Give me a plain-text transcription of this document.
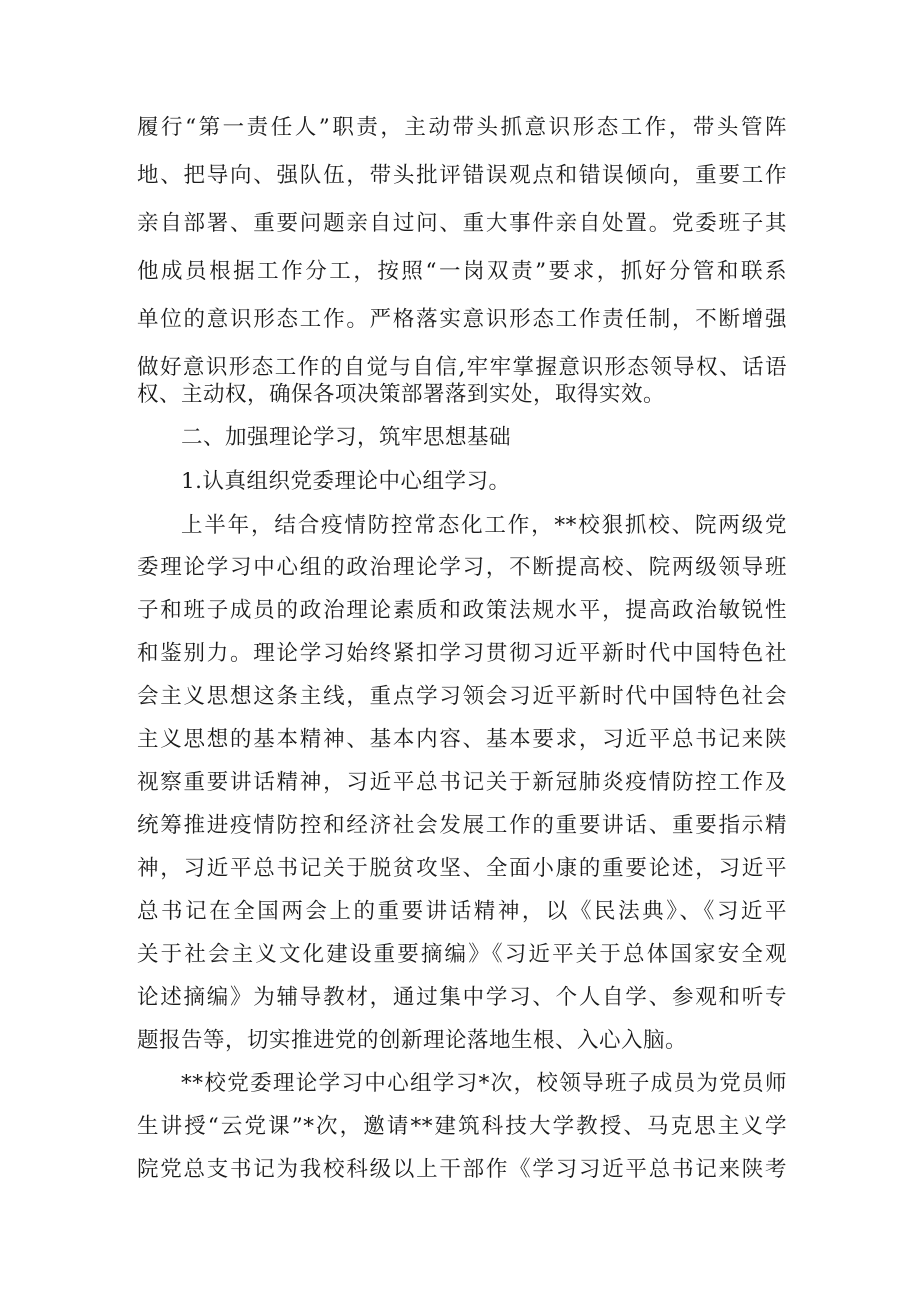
履行“第一责任人”职责，主动带头抓意识形态工作，带头管阵
地、把导向、强队伍，带头批评错误观点和错误倾向，重要工作
亲自部署、重要问题亲自过问、重大事件亲自处置。党委班子其
他成员根据工作分工，按照“一岗双责”要求，抓好分管和联系
单位的意识形态工作。严格落实意识形态工作责任制，不断增强
做好意识形态工作的自觉与自信,牢牢掌握意识形态领导权、话语
权、主动权，确保各项决策部署落到实处，取得实效。
二、加强理论学习，筑牢思想基础
1.认真组织党委理论中心组学习。
上半年，结合疫情防控常态化工作，**校狠抓校、院两级党
委理论学习中心组的政治理论学习，不断提高校、院两级领导班
子和班子成员的政治理论素质和政策法规水平，提高政治敏锐性
和鉴别力。理论学习始终紧扣学习贯彻习近平新时代中国特色社
会主义思想这条主线，重点学习领会习近平新时代中国特色社会
主义思想的基本精神、基本内容、基本要求，习近平总书记来陕
视察重要讲话精神，习近平总书记关于新冠肺炎疫情防控工作及
统筹推进疫情防控和经济社会发展工作的重要讲话、重要指示精
神，习近平总书记关于脱贫攻坚、全面小康的重要论述，习近平
总书记在全国两会上的重要讲话精神，以《民法典》、《习近平
关于社会主义文化建设重要摘编》《习近平关于总体国家安全观
论述摘编》为辅导教材，通过集中学习、个人自学、参观和听专
题报告等，切实推进党的创新理论落地生根、入心入脑。
**校党委理论学习中心组学习*次，校领导班子成员为党员师
生讲授“云党课”*次，邀请**建筑科技大学教授、马克思主义学
院党总支书记为我校科级以上干部作《学习习近平总书记来陕考
